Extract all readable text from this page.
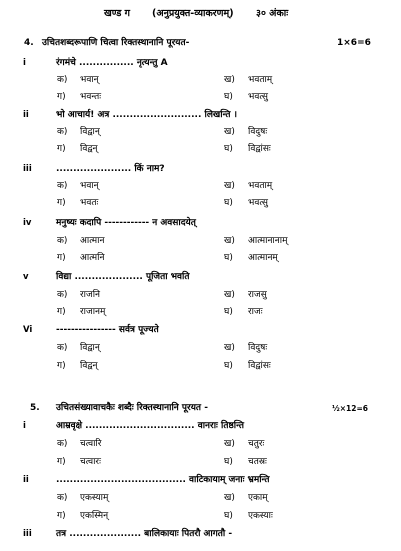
खण्ड ग (अनुप्रयुक्त-व्याकरणम्) ३० अंकाः
4. उचितशब्दरूपाणि चित्वा रिक्तस्थानानि पूरयत-	1×6=6
i	रंगमंचे ................ नृत्यन्तु A
क) भवान्	ख) भवताम्
ग) भवन्तः	घ) भवत्सु
ii	भो आचार्य! अत्र .......................... लिखन्ति ।
क) विद्वान्	ख) विदुषः
ग) विद्वन्	घ) विद्वांसः
iii	...................... किं नाम?
क) भवान्	ख) भवताम्
ग) भवतः	घ) भवत्सु
iv	मनुष्यः कदापि ------------ न अवसादयेत्
क) आत्मान	ख) आत्मानानाम्
ग) आत्मनि	घ) आत्मानम्
v	विद्या .................... पूजिता भवति
क) राजनि	ख) राजसु
ग) राजानम्	घ) राजः
Vi	---------------- सर्वत्र पूज्यते
क) विद्वान्	ख) विदुषः
ग) विद्वन्	घ) विद्वांसः
5. उचितसंख्यावाचकैः शब्दैः रिक्तस्थानानि पूरयत -	½×12=6
i	आम्रवृक्षे ................................ वानराः तिष्ठन्ति
क) चत्वारि	ख) चतुरः
ग) चत्वारः	घ) चतस्रः
ii	...................................... वाटिकायाम् जनाः भ्रमन्ति
क) एकस्याम्	ख) एकाम्
ग) एकस्मिन्	घ) एकस्याः
iii	तत्र ..................... बालिकायाः पितरौ आगतौ -
